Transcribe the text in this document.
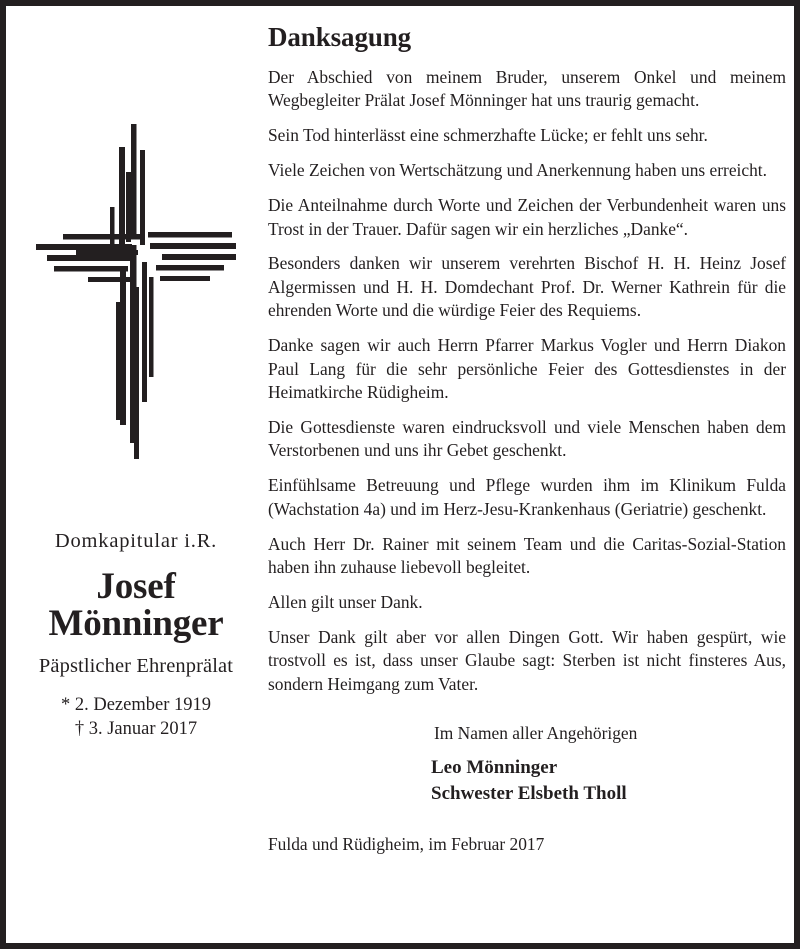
Domkapitular i.R.
Josef
Mönninger
Päpstlicher Ehrenprälat
* 2. Dezember 1919
† 3. Januar 2017
Danksagung

Der Abschied von meinem Bruder, unserem Onkel und meinem Wegbegleiter Prälat Josef Mönninger hat uns traurig gemacht.

Sein Tod hinterlässt eine schmerzhafte Lücke; er fehlt uns sehr.

Viele Zeichen von Wertschätzung und Anerkennung haben uns erreicht.

Die Anteilnahme durch Worte und Zeichen der Verbundenheit waren uns Trost in der Trauer. Dafür sagen wir ein herzliches „Danke“.

Besonders danken wir unserem verehrten Bischof H. H. Heinz Josef Algermissen und H. H. Domdechant Prof. Dr. Werner Kathrein für die ehrenden Worte und die würdige Feier des Requiems.

Danke sagen wir auch Herrn Pfarrer Markus Vogler und Herrn Diakon Paul Lang für die sehr persönliche Feier des Gottesdienstes in der Heimatkirche Rüdigheim.

Die Gottesdienste waren eindrucksvoll und viele Menschen haben dem Verstorbenen und uns ihr Gebet geschenkt.

Einfühlsame Betreuung und Pflege wurden ihm im Klinikum Fulda (Wachstation 4a) und im Herz-Jesu-Krankenhaus (Geriatrie) geschenkt.

Auch Herr Dr. Rainer mit seinem Team und die Caritas-Sozial-Station haben ihn zuhause liebevoll begleitet.

Allen gilt unser Dank.

Unser Dank gilt aber vor allen Dingen Gott. Wir haben gespürt, wie trostvoll es ist, dass unser Glaube sagt: Sterben ist nicht finsteres Aus, sondern Heimgang zum Vater.

Im Namen aller Angehörigen
Leo Mönninger
Schwester Elsbeth Tholl
Fulda und Rüdigheim, im Februar 2017
